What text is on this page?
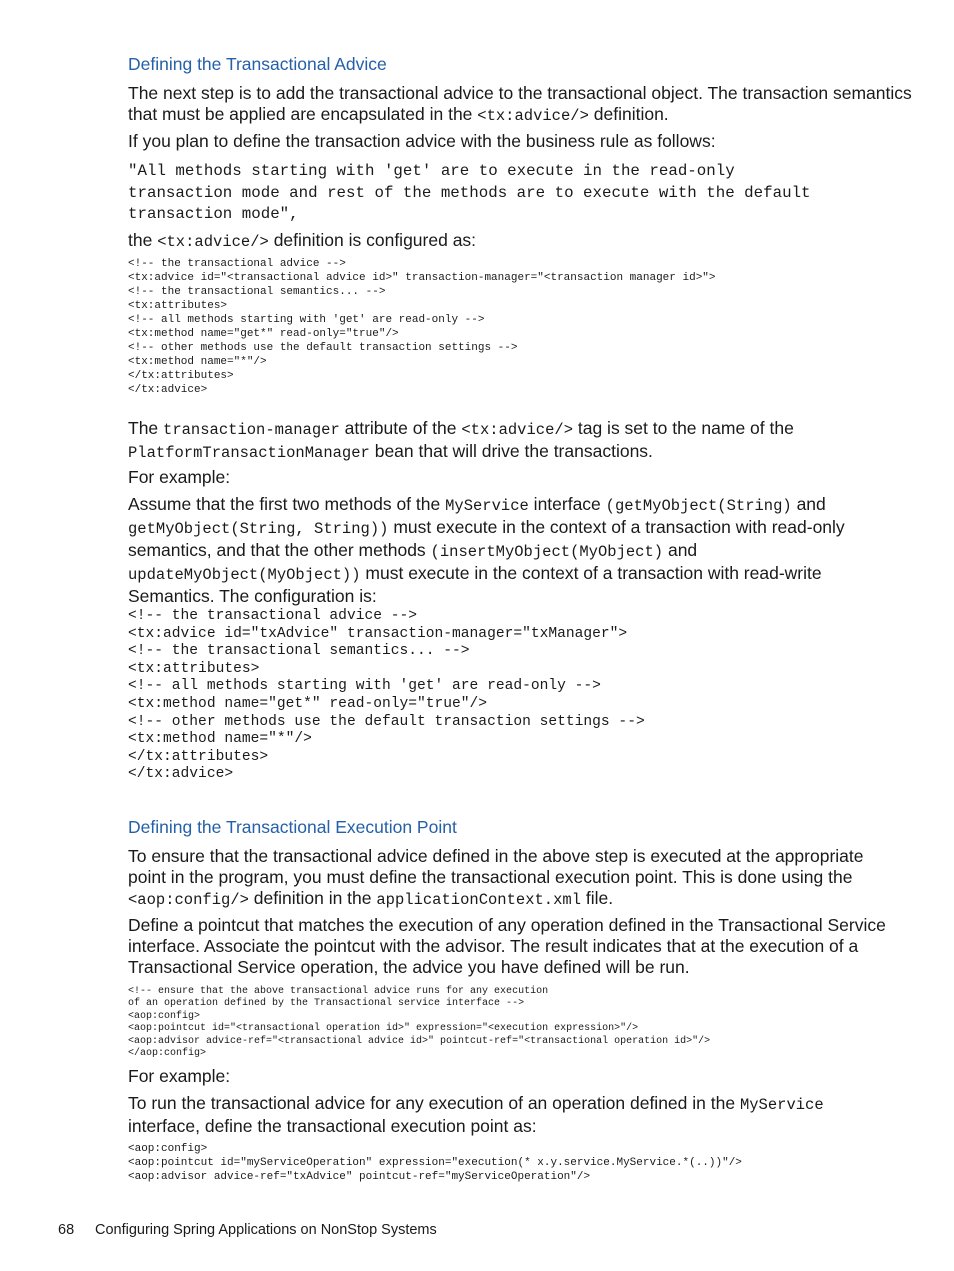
Defining the Transactional Advice
The next step is to add the transactional advice to the transactional object. The transaction semantics
that must be applied are encapsulated in the <tx:advice/> definition.
If you plan to define the transaction advice with the business rule as follows:
"All methods starting with 'get' are to execute in the read-only
transaction mode and rest of the methods are to execute with the default
transaction mode",
the <tx:advice/> definition is configured as:
<!-- the transactional advice -->
<tx:advice id="<transactional advice id>" transaction-manager="<transaction manager id>">
<!-- the transactional semantics... -->
<tx:attributes>
<!-- all methods starting with 'get' are read-only -->
<tx:method name="get*" read-only="true"/>
<!-- other methods use the default transaction settings -->
<tx:method name="*"/>
</tx:attributes>
</tx:advice>
The transaction-manager attribute of the <tx:advice/> tag is set to the name of the
PlatformTransactionManager bean that will drive the transactions.
For example:
Assume that the first two methods of the MyService interface (getMyObject(String) and
getMyObject(String, String)) must execute in the context of a transaction with read-only
semantics, and that the other methods (insertMyObject(MyObject) and
updateMyObject(MyObject)) must execute in the context of a transaction with read-write
Semantics. The configuration is:
<!-- the transactional advice -->
<tx:advice id="txAdvice" transaction-manager="txManager">
<!-- the transactional semantics... -->
<tx:attributes>
<!-- all methods starting with 'get' are read-only -->
<tx:method name="get*" read-only="true"/>
<!-- other methods use the default transaction settings -->
<tx:method name="*"/>
</tx:attributes>
</tx:advice>
Defining the Transactional Execution Point
To ensure that the transactional advice defined in the above step is executed at the appropriate
point in the program, you must define the transactional execution point. This is done using the
<aop:config/> definition in the applicationContext.xml file.
Define a pointcut that matches the execution of any operation defined in the Transactional Service
interface. Associate the pointcut with the advisor. The result indicates that at the execution of a
Transactional Service operation, the advice you have defined will be run.
<!-- ensure that the above transactional advice runs for any execution
of an operation defined by the Transactional service interface -->
<aop:config>
<aop:pointcut id="<transactional operation id>" expression="<execution expression>"/>
<aop:advisor advice-ref="<transactional advice id>" pointcut-ref="<transactional operation id>"/>
</aop:config>
For example:
To run the transactional advice for any execution of an operation defined in the MyService
interface, define the transactional execution point as:
<aop:config>
<aop:pointcut id="myServiceOperation" expression="execution(* x.y.service.MyService.*(..))"/>
<aop:advisor advice-ref="txAdvice" pointcut-ref="myServiceOperation"/>
68 Configuring Spring Applications on NonStop Systems
